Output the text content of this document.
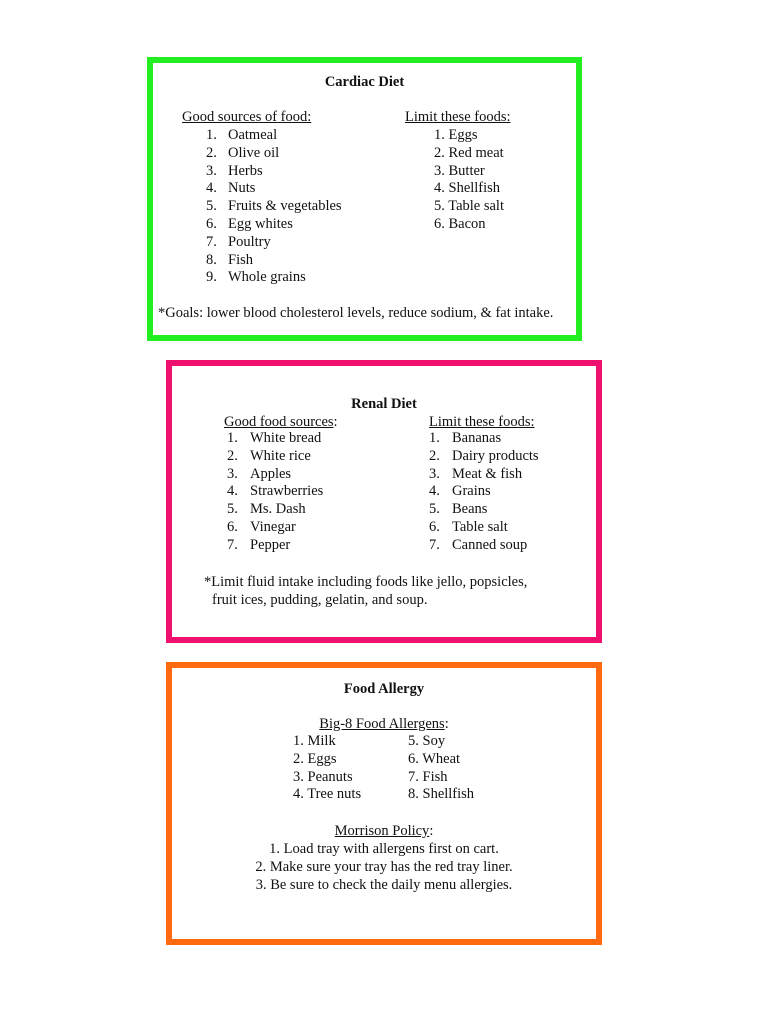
Cardiac Diet
Good sources of food:	Limit these foods:
1. Oatmeal
2. Olive oil
3. Herbs
4. Nuts
5. Fruits & vegetables
6. Egg whites
7. Poultry
8. Fish
9. Whole grains
1. Eggs
2. Red meat
3. Butter
4. Shellfish
5. Table salt
6. Bacon
*Goals: lower blood cholesterol levels, reduce sodium, & fat intake.
Renal Diet
Good food sources:	Limit these foods:
1. White bread
2. White rice
3. Apples
4. Strawberries
5. Ms. Dash
6. Vinegar
7. Pepper
1. Bananas
2. Dairy products
3. Meat & fish
4. Grains
5. Beans
6. Table salt
7. Canned soup
*Limit fluid intake including foods like jello, popsicles,
fruit ices, pudding, gelatin, and soup.
Food Allergy
Big-8 Food Allergens:
1. Milk
2. Eggs
3. Peanuts
4. Tree nuts
5. Soy
6. Wheat
7. Fish
8. Shellfish
Morrison Policy:
1. Load tray with allergens first on cart.
2. Make sure your tray has the red tray liner.
3. Be sure to check the daily menu allergies.
